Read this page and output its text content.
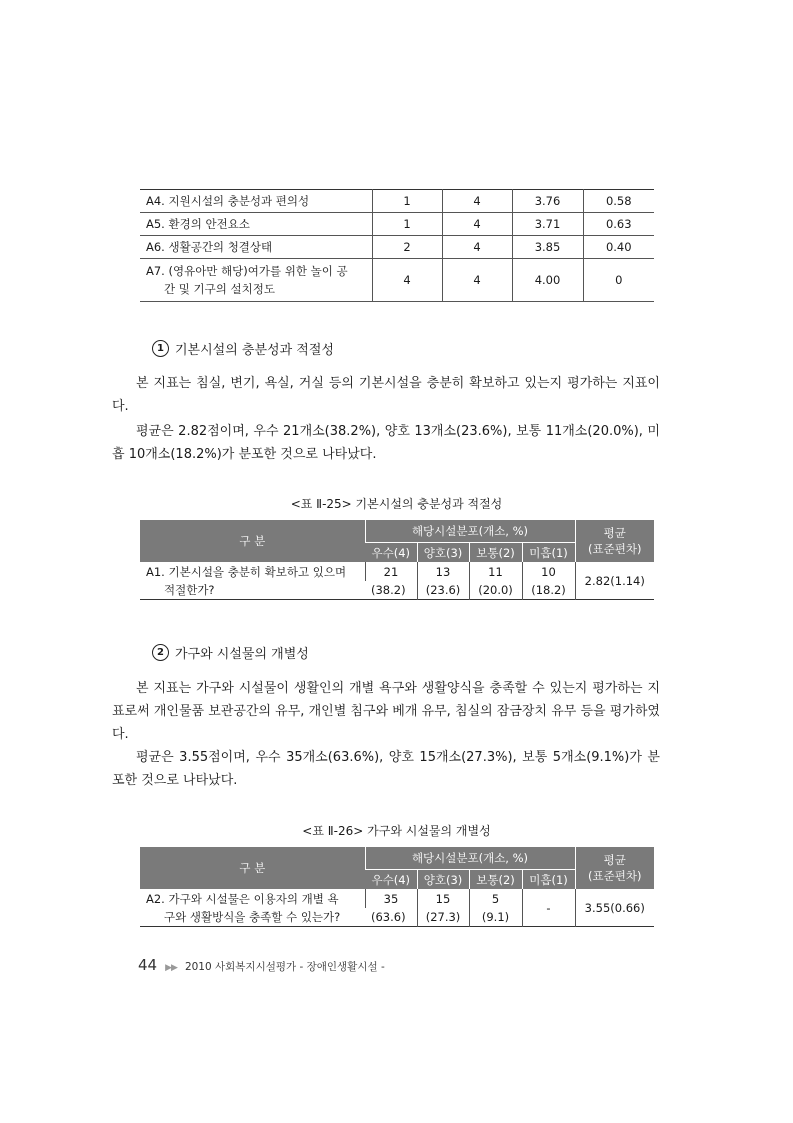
A4. 지원시설의 충분성과 편의성	1	4	3.76	0.58
A5. 환경의 안전요소	1	4	3.71	0.63
A6. 생활공간의 청결상태	2	4	3.85	0.40
A7. (영유아만 해당)여가를 위한 놀이 공
간 및 기구의 설치정도	4	4	4.00	0
1 기본시설의 충분성과 적절성

본 지표는 침실, 변기, 욕실, 거실 등의 기본시설을 충분히 확보하고 있는지 평가하는 지표이다.

평균은 2.82점이며, 우수 21개소(38.2%), 양호 13개소(23.6%), 보통 11개소(20.0%), 미흡 10개소(18.2%)가 분포한 것으로 나타났다.

<표 Ⅱ-25> 기본시설의 충분성과 적절성
구 분	해당시설분포(개소, %)				평균
(표준편차)

	우수(4)	양호(3)	보통(2)	미흡(1)	

A1. 기본시설을 충분히 확보하고 있으며
적절한가?	21	13	11	10	2.82(1.14)
	(38.2)	(23.6)	(20.0)	(18.2)	
2 가구와 시설물의 개별성

본 지표는 가구와 시설물이 생활인의 개별 욕구와 생활양식을 충족할 수 있는지 평가하는 지표로써 개인물품 보관공간의 유무, 개인별 침구와 베개 유무, 침실의 잠금장치 유무 등을 평가하였다.

평균은 3.55점이며, 우수 35개소(63.6%), 양호 15개소(27.3%), 보통 5개소(9.1%)가 분포한 것으로 나타났다.

<표 Ⅱ-26> 가구와 시설물의 개별성
구 분	해당시설분포(개소, %)				평균
(표준편차)

	우수(4)	양호(3)	보통(2)	미흡(1)	

A2. 가구와 시설물은 이용자의 개별 욕
구와 생활방식을 충족할 수 있는가?	35	15	5	-	3.55(0.66)
	(63.6)	(27.3)	(9.1)		
44 ▶▶ 2010 사회복지시설평가 - 장애인생활시설 -
